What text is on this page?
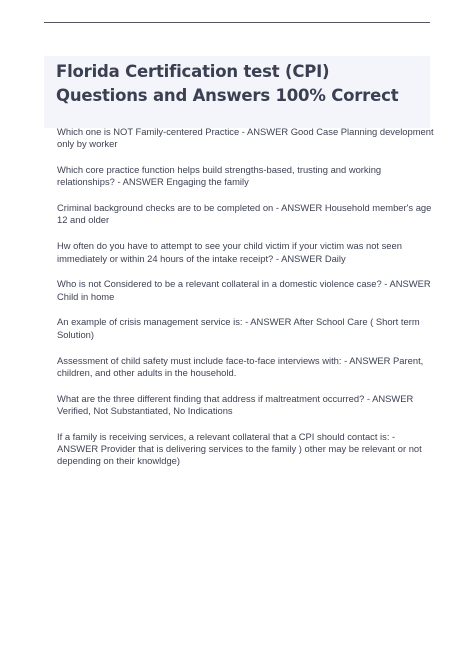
Florida Certification test (CPI) Questions and Answers 100% Correct

Which one is NOT Family-centered Practice - ANSWER Good Case Planning development only by worker

Which core practice function helps build strengths-based, trusting and working relationships? - ANSWER Engaging the family

Criminal background checks are to be completed on - ANSWER Household member's age 12 and older

Hw often do you have to attempt to see your child victim if your victim was not seen immediately or within 24 hours of the intake receipt? - ANSWER Daily

Who is not Considered to be a relevant collateral in a domestic violence case? - ANSWER Child in home

An example of crisis management service is: - ANSWER After School Care ( Short term Solution)

Assessment of child safety must include face-to-face interviews with: - ANSWER Parent, children, and other adults in the household.

What are the three different finding that address if maltreatment occurred? - ANSWER Verified, Not Substantiated, No Indications

If a family is receiving services, a relevant collateral that a CPI should contact is: - ANSWER Provider that is delivering services to the family ) other may be relevant or not depending on their knowldge)
